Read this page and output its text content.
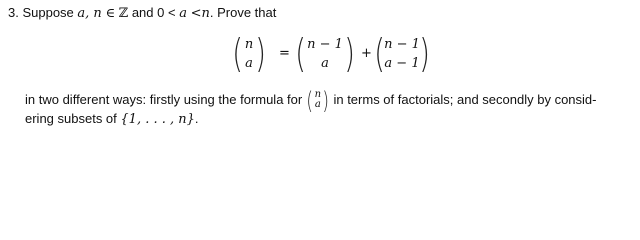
3. Suppose a, n ∈ ℤ and 0 < a <n. Prove that
( n
a ) = ( n − 1
a ) + ( n − 1
a − 1 )
in two different ways: firstly using the formula for ( n
a ) in terms of factorials; and secondly by consid-
ering subsets of {1, . . . , n}.
